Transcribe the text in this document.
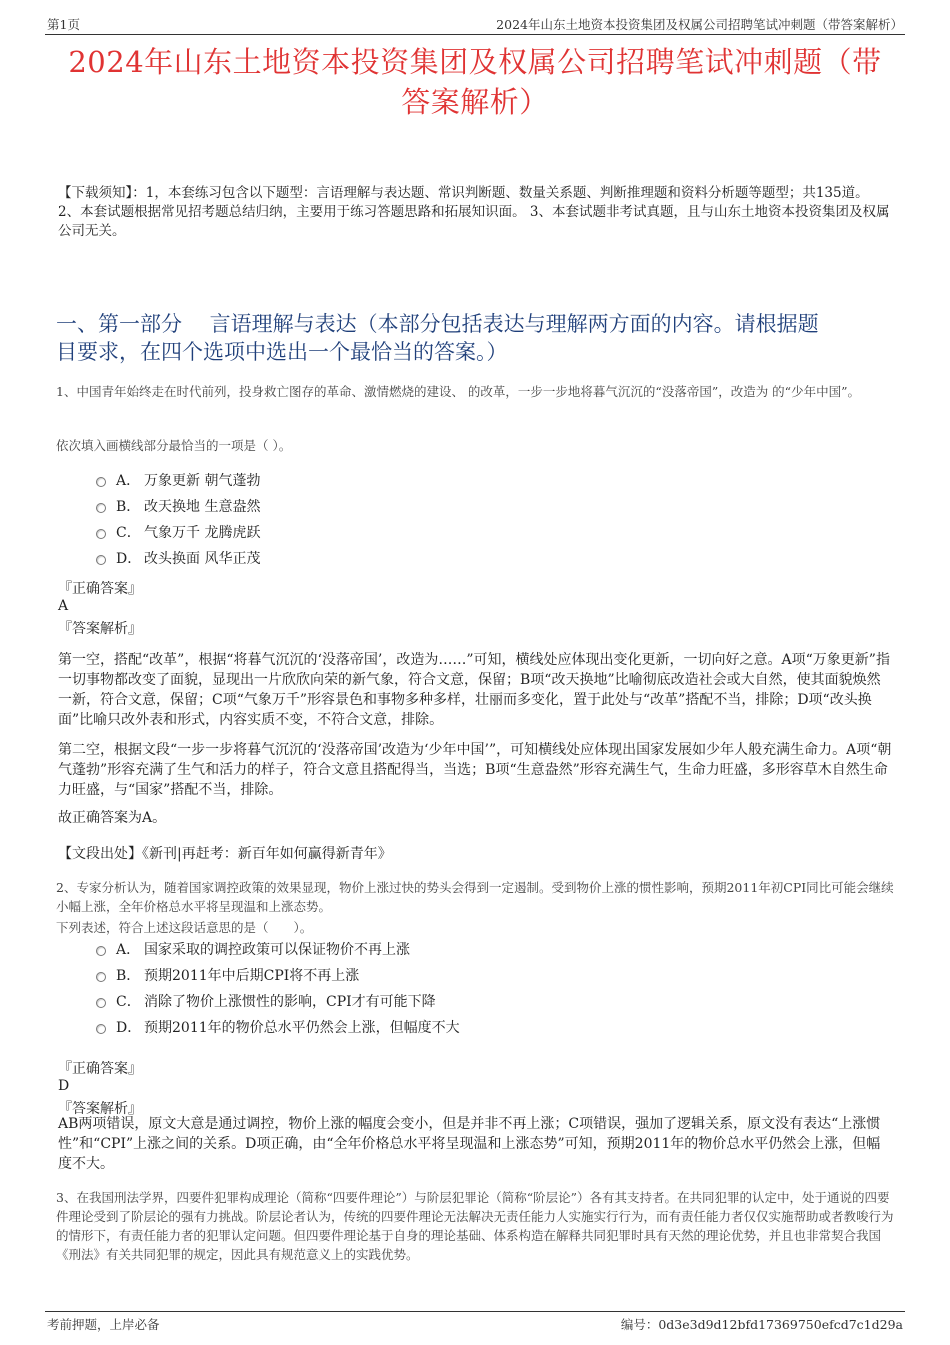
第1页	2024年山东土地资本投资集团及权属公司招聘笔试冲刺题（带答案解析）
2024年山东土地资本投资集团及权属公司招聘笔试冲刺题（带
答案解析）
【下载须知】：1，本套练习包含以下题型：言语理解与表达题、常识判断题、数量关系题、判断推理题和资料分析题等题型；共135道。 2、本套试题根据常见招考题总结归纳，主要用于练习答题思路和拓展知识面。 3、本套试题非考试真题，且与山东土地资本投资集团及权属公司无关。
一、第一部分　 言语理解与表达（本部分包括表达与理解两方面的内容。请根据题
目要求，在四个选项中选出一个最恰当的答案。）
1、中国青年始终走在时代前列，投身救亡图存的革命、激情燃烧的建设、 的改革，一步一步地将暮气沉沉的“没落帝国”，改造为 的“少年中国”。
依次填入画横线部分最恰当的一项是（ ）。
A． 万象更新 朝气蓬勃
B． 改天换地 生意盎然
C． 气象万千 龙腾虎跃
D． 改头换面 风华正茂
『正确答案』
A
『答案解析』
第一空，搭配“改革”，根据“将暮气沉沉的‘没落帝国’，改造为……”可知，横线处应体现出变化更新，一切向好之意。A项“万象更新”指一切事物都改变了面貌，显现出一片欣欣向荣的新气象，符合文意，保留；B项“改天换地”比喻彻底改造社会或大自然，使其面貌焕然一新，符合文意，保留；C项“气象万千”形容景色和事物多种多样，壮丽而多变化，置于此处与“改革”搭配不当，排除；D项“改头换面”比喻只改外表和形式，内容实质不变，不符合文意，排除。
第二空，根据文段“一步一步将暮气沉沉的‘没落帝国’改造为‘少年中国’”，可知横线处应体现出国家发展如少年人般充满生命力。A项“朝气蓬勃”形容充满了生气和活力的样子，符合文意且搭配得当，当选；B项“生意盎然”形容充满生气，生命力旺盛，多形容草木自然生命力旺盛，与“国家”搭配不当，排除。
故正确答案为A。
【文段出处】《新刊|再赶考：新百年如何赢得新青年》
2、专家分析认为，随着国家调控政策的效果显现，物价上涨过快的势头会得到一定遏制。受到物价上涨的惯性影响，预期2011年初CPI同比可能会继续小幅上涨，全年价格总水平将呈现温和上涨态势。
下列表述，符合上述这段话意思的是（　　）。
A． 国家采取的调控政策可以保证物价不再上涨
B． 预期2011年中后期CPI将不再上涨
C． 消除了物价上涨惯性的影响，CPI才有可能下降
D． 预期2011年的物价总水平仍然会上涨，但幅度不大
『正确答案』
D
『答案解析』
AB两项错误，原文大意是通过调控，物价上涨的幅度会变小，但是并非不再上涨；C项错误，强加了逻辑关系，原文没有表达“上涨惯性”和“CPI”上涨之间的关系。D项正确，由“全年价格总水平将呈现温和上涨态势”可知，预期2011年的物价总水平仍然会上涨，但幅度不大。
3、在我国刑法学界，四要件犯罪构成理论（简称“四要件理论”）与阶层犯罪论（简称“阶层论”）各有其支持者。在共同犯罪的认定中，处于通说的四要件理论受到了阶层论的强有力挑战。阶层论者认为，传统的四要件理论无法解决无责任能力人实施实行行为，而有责任能力者仅仅实施帮助或者教唆行为的情形下，有责任能力者的犯罪认定问题。但四要件理论基于自身的理论基础、体系构造在解释共同犯罪时具有天然的理论优势，并且也非常契合我国《刑法》有关共同犯罪的规定，因此具有规范意义上的实践优势。
考前押题，上岸必备	编号：0d3e3d9d12bfd17369750efcd7c1d29a
